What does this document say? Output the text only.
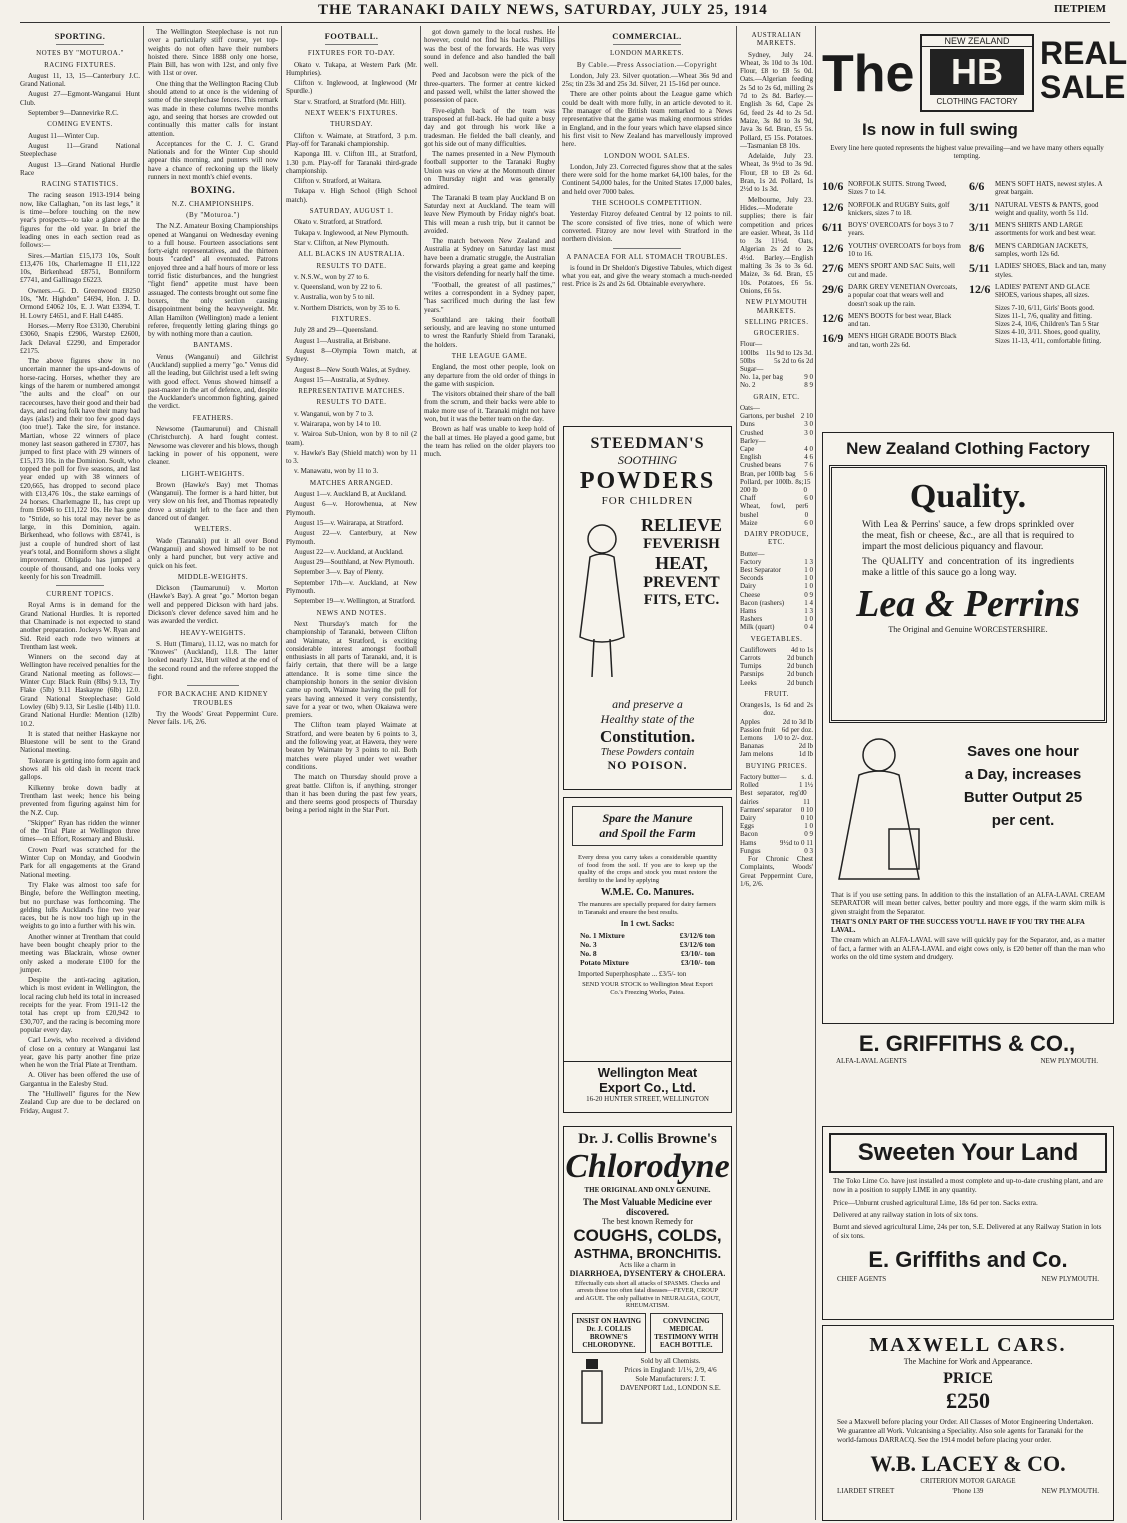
THE TARANAKI DAILY NEWS, SATURDAY, JULY 25, 1914	ПЕТРІЕМ
SPORTING.
NOTES BY "MOTUROA."
RACING FIXTURES.

August 11, 13, 15—Canterbury J.C. Grand National.

August 27—Egmont-Wanganui Hunt Club.

September 9—Dannevirke R.C.

COMING EVENTS.

August 11—Winter Cup.

August 11—Grand National Steeplechase

August 13—Grand National Hurdle Race

RACING STATISTICS.

The racing season 1913-1914 being now, like Callaghan, "on its last legs," it is time—before touching on the new year's prospects—to take a glance at the figures for the old year. In brief the leading ones in each section read as follows:—

Sires.—Martian £15,173 10s, Soult £13,476 10s, Charlemagne II £11,122 10s, Birkenhead £8751, Bonniform £7741, and Gallinago £6223.

Owners.—G. D. Greenwood £8250 10s, "Mr. Highden" £4694, Hon. J. D. Ormond £4062 10s, E. J. Watt £3394, T. H. Lowry £4651, and F. Hall £4485.

Horses.—Merry Roe £3130, Cherubini £3060, Snapis £2906, Warstep £2600, Jack Delaval £2290, and Emperador £2175.

The above figures show in no uncertain manner the ups-and-downs of horse-racing. Horses, whether they are kings of the harem or numbered amongst "the aults and the cloaf" on our racecourses, have their good and their bad days, and racing folk have their many bad days (alas!) and their too few good days (too true!). Take the sire, for instance. Martian, whose 22 winners of place money last season gathered in £7307, has jumped to first place with 29 winners of £15,173 10s. in the Dominion. Soult, who topped the poll for five seasons, and last year ended up with 38 winners of £20,665, has dropped to second place with £13,476 10s., the stake earnings of 24 horses. Charlemagne II., has crept up from £6046 to £11,122 10s. He has gone to "Stride, so his total may never be as large, in this Dominion, again. Birkenhead, who follows with £8741, is just a couple of hundred short of last year's total, and Bonniform shows a slight improvement. Obligado has jumped a couple of thousand, and one looks very keenly for his son Treadmill.

CURRENT TOPICS.

Royal Arms is in demand for the Grand National Hurdles. It is reported that Chaminade is not expected to stand another preparation. Jockeys W. Ryan and Sid. Reid each rode two winners at Trentham last week.

Winners on the second day at Wellington have received penalties for the Grand National meeting as follows:—Winter Cup: Black Ruin (8lbs) 9.13, Try Flake (5lb) 9.11 Haskayne (6lb) 12.0. Grand National Steeplechase: Gold Lowley (6lb) 9.13, Sir Leslie (14lb) 11.0. Grand National Hurdle: Mention (12lb) 10.2.

It is stated that neither Haskayne nor Bluestone will be sent to the Grand National meeting.

Tokorare is getting into form again and shows all his old dash in recent track gallops.

Kilkenny broke down badly at Trentham last week; hence his being prevented from figuring against him for the N.Z. Cup.

"Skipper" Ryan has ridden the winner of the Trial Plate at Wellington three times—on Effort, Rosemary and Bluski.

Crown Pearl was scratched for the Winter Cup on Monday, and Goodwin Park for all engagements at the Grand National meeting.

Try Flake was almost too safe for Bingle, before the Wellington meeting, but no purchase was forthcoming. The gelding lulls Auckland's fine two year races, but he is now too high up in the weights to go into a further with his win.

Another winner at Trentham that could have been bought cheaply prior to the meeting was Blackrain, whose owner only asked a moderate £100 for the jumper.

Despite the anti-racing agitation, which is most evident in Wellington, the local racing club held its total in increased receipts for the year. From 1911-12 the total has crept up from £20,942 to £30,707, and the racing is becoming more popular every day.

Carl Lewis, who received a dividend of close on a century at Wanganui last year, gave his party another fine prize when he won the Trial Plate at Trentham.

A. Oliver has been offered the use of Gargantua in the Ealesby Stud.

The "Hulliwell" figures for the New Zealand Cup are due to be declared on Friday, August 7.

The Wellington Steeplechase is not run over a particularly stiff course, yet top-weights do not often have their numbers hoisted there. Since 1888 only one horse, Plain Bill, has won with 12st, and only five with 11st or over.

One thing that the Wellington Racing Club should attend to at once is the widening of some of the steeplechase fences. This remark was made in these columns twelve months ago, and seeing that horses are crowded out continually this matter calls for instant attention.

Acceptances for the C. J. C. Grand Nationals and for the Winter Cup should appear this morning, and punters will now have a chance of reckoning up the likely runners in next month's chief events.

BOXING.
N.Z. CHAMPIONSHIPS.
(By "Moturoa.")

The N.Z. Amateur Boxing Championships opened at Wanganui on Wednesday evening to a full house. Fourteen associations sent forty-eight representatives, and the thirteen bouts "carded" all eventuated. Patrons enjoyed three and a half hours of more or less torrid fistic disturbances, and the hungriest "fight fiend" appetite must have been assuaged. The contests brought out some fine boxers, the only section causing disappointment being the heavyweight. Mr. Allan Hamilton (Wellington) made a lenient referee, frequently letting glaring things go by with nothing more than a caution.

BANTAMS.

Venus (Wanganui) and Gilchrist (Auckland) supplied a merry "go." Venus did all the leading, but Gilchrist used a left swing with good effect. Venus showed himself a past-master in the art of defence, and, despite the Aucklander's uncommon fighting, gained the verdict.

FEATHERS.

Newsome (Taumarunui) and Chisnall (Christchurch). A hard fought contest. Newsome was cleverer and his blows, though lacking in power of his opponent, were cleaner.

LIGHT-WEIGHTS.

Brown (Hawke's Bay) met Thomas (Wanganui). The former is a hard hitter, but very slow on his feet, and Thomas repeatedly drove a straight left to the face and then danced out of danger.

WELTERS.

Wade (Taranaki) put it all over Bond (Wanganui) and showed himself to be not only a hard puncher, but very active and quick on his feet.

MIDDLE-WEIGHTS.

Dickson (Taumarunui) v. Morton (Hawke's Bay). A great "go." Morton began well and peppered Dickson with hard jabs. Dickson's clever defence saved him and he was awarded the verdict.

HEAVY-WEIGHTS.

S. Hutt (Timaru), 11.12, was no match for "Knowes" (Auckland), 11.8. The latter looked nearly 12st, Hutt wilted at the end of the second round and the referee stopped the fight.

FOR BACKACHE AND KIDNEY TROUBLES

Try the Woods' Great Peppermint Cure. Never fails. 1/6, 2/6.

FOOTBALL.
FIXTURES FOR TO-DAY.

Okato v. Tukapa, at Western Park (Mr. Humphries).

Clifton v. Inglewood, at Inglewood (Mr Spurdle.)

Star v. Stratford, at Stratford (Mr. Hill).

NEXT WEEK'S FIXTURES.
THURSDAY.

Clifton v. Waimate, at Stratford, 3 p.m. Play-off for Taranaki championship.

Kaponga III. v. Clifton III., at Stratford, 1.30 p.m. Play-off for Taranaki third-grade championship.

Clifton v. Stratford, at Waitara.

Tukapa v. High School (High School match).

SATURDAY, AUGUST 1.

Okato v. Stratford, at Stratford.

Tukapa v. Inglewood, at New Plymouth.

Star v. Clifton, at New Plymouth.

ALL BLACKS IN AUSTRALIA.
RESULTS TO DATE.

v. N.S.W., won by 27 to 6.

v. Queensland, won by 22 to 6.

v. Australia, won by 5 to nil.

v. Northern Districts, won by 35 to 6.

FIXTURES.

July 28 and 29—Queensland.

August 1—Australia, at Brisbane.

August 8—Olympia Town match, at Sydney.

August 8—New South Wales, at Sydney.

August 15—Australia, at Sydney.

REPRESENTATIVE MATCHES.
RESULTS TO DATE.

v. Wanganui, won by 7 to 3.

v. Wairarapa, won by 14 to 10.

v. Wairoa Sub-Union, won by 8 to nil (2 team).

v. Hawke's Bay (Shield match) won by 11 to 3.

v. Manawatu, won by 11 to 3.

MATCHES ARRANGED.

August 1—v. Auckland B, at Auckland.

August 6—v. Horowhenua, at New Plymouth.

August 15—v. Wairarapa, at Stratford.

August 22—v. Canterbury, at New Plymouth.

August 22—v. Auckland, at Auckland.

August 29—Southland, at New Plymouth.

September 3—v. Bay of Plenty.

September 17th—v. Auckland, at New Plymouth.

September 19—v. Wellington, at Stratford.

NEWS AND NOTES.

Next Thursday's match for the championship of Taranaki, between Clifton and Waimate, at Stratford, is exciting considerable interest amongst football enthusiasts in all parts of Taranaki, and, it is fairly certain, that there will be a large attendance. It is some time since the championship honors in the senior division came up north, Waimate having the pull for years having annexed it very consistently, save for a year or two, when Okaiawa were premiers.

The Clifton team played Waimate at Stratford, and were beaten by 6 points to 3, and the following year, at Hawera, they were beaten by Waimate by 3 points to nil. Both matches were played under wet weather conditions.

The match on Thursday should prove a great battle. Clifton is, if anything, stronger than it has been during the past few years, and there seems good prospects of Thursday being a period night in the Star Port.

got down gamely to the local rushes. He however, could not find his backs. Phillips was the best of the forwards. He was very sound in defence and also handled the ball well.

Peed and Jacobson were the pick of the three-quarters. The former at centre kicked and passed well, whilst the latter showed the possession of pace.

Five-eighth back of the team was transposed at full-back. He had quite a busy day and got through his work like a tradesman. He fielded the ball cleanly, and got his side out of many difficulties.

The names presented in a New Plymouth football supporter to the Taranaki Rugby Union was on view at the Monmouth dinner on Thursday night and was generally admired.

The Taranaki B team play Auckland B on Saturday next at Auckland. The team will leave New Plymouth by Friday night's boat. This will mean a rush trip, but it cannot be avoided.

The match between New Zealand and Australia at Sydney on Saturday last must have been a dramatic struggle, the Australian forwards playing a great game and keeping the visitors defending for nearly half the time.

"Football, the greatest of all pastimes," writes a correspondent in a Sydney paper, "has sacrificed much during the last few years."

Southland are taking their football seriously, and are leaving no stone unturned to wrest the Ranfurly Shield from Taranaki, the holders.

THE LEAGUE GAME.

England, the most other people, look on any departure from the old order of things in the game with suspicion.

The visitors obtained their share of the ball from the scrum, and their backs were able to make more use of it. Taranaki might not have won, but it was the better team on the day.

Brown as half was unable to keep hold of the ball at times. He played a good game, but the team has relied on the older players too much.

COMMERCIAL.
LONDON MARKETS.
By Cable.—Press Association.—Copyright

London, July 23. Silver quotation.—Wheat 36s 9d and 25s; tin 23s 3d and 25s 3d. Silver, 21 15-16d per ounce.

There are other points about the League game which could be dealt with more fully, in an article devoted to it. The manager of the British team remarked to a News representative that the game was making enormous strides in England, and in the four years which have elapsed since his first visit to New Zealand has marvellously improved here.

LONDON WOOL SALES.

London, July 23. Corrected figures show that at the sales there were sold for the home market 64,100 bales, for the Continent 54,000 bales, for the United States 17,000 bales, and held over 7000 bales.

THE SCHOOLS COMPETITION.

Yesterday Fitzroy defeated Central by 12 points to nil. The score consisted of five tries, none of which were converted. Fitzroy are now level with Stratford in the northern division.

A PANACEA FOR ALL STOMACH TROUBLES.

is found in Dr Sheldon's Digestive Tabules, which digest what you eat, and give the weary stomach a much-needed rest. Price is 2s and 2s 6d. Obtainable everywhere.

AUSTRALIAN MARKETS.

Sydney, July 24. Wheat, 3s 10d to 3s 10d. Flour, £8 to £8 5s 0d. Oats.—Algerian feeding 2s 5d to 2s 6d, milling 2s 7d to 2s 8d. Barley.—English 3s 6d, Cape 2s 6d, feed 2s 4d to 2s 5d. Maize, 3s 8d to 3s 9d, Java 3s 6d. Bran, £5 5s. Pollard, £5 15s. Potatoes.—Tasmanian £8 10s.

Adelaide, July 23. Wheat, 3s 9½d to 3s 9d. Flour, £8 to £8 2s 6d. Bran, 1s 2d. Pollard, 1s 2½d to 1s 3d.

Melbourne, July 23. Hides.—Moderate supplies; there is fair competition and prices are easier. Wheat, 3s 11d to 3s 11½d. Oats, Algerian 2s 2d to 2s 4½d. Barley.—English malting 3s 3s to 3s 6d. Maize, 3s 6d. Bran, £5 10s. Potatoes, £6 5s. Onions, £6 5s.

NEW PLYMOUTH MARKETS.
SELLING PRICES.
GROCERIES.
Flour—
100lbs 11s 9d to 12s 3d.
50lbs	5s 2d to 6s 2d
Sugar—
No. 1a, per bag	9 0
No. 2	8 9
GRAIN, ETC.
Oats—
Gartons, per bushel 2 10
Duns	3 0
Crushed	3 0
Barley—
Cape	4 0
English	4 6
Crushed beans	7 6
Bran, per 100lb bag 5 6
Pollard, per 100lb. 8s; 200 lb
15 0
Chaff	6 0
Wheat, fowl, per bushel
6 0
Maize	6 0
DAIRY PRODUCE, ETC.
Butter—
Factory	1 3
Best Separator	1 0
Seconds	1 0
Dairy	1 0
Cheese	0 9
Bacon (rashers)	1 4
Hams	1 3
Rashers	1 0
Milk (quart)	0 4
VEGETABLES.
Cauliflowers 4d to 1s
Carrots	2d bunch
Turnips	2d bunch
Parsnips	2d bunch
Leeks	2d bunch
FRUIT.
Oranges 1s, 1s 6d and 2s doz.
Apples	2d to 3d lb
Passion fruit 6d per doz.
Lemons 1/0 to 2/- doz.
Bananas	2d lb
Jam melons	1d lb
BUYING PRICES.
Factory butter— s. d.
Rolled	1 1½
Best separator, reg'd dairies
0 11
Farmers' separator 0 10
Dairy	0 10
Eggs	1 0
Bacon	0 9
Hams	9½d to 0 11
Fungus	0 3

For Chronic Chest Complaints, Woods' Great Peppermint Cure, 1/6, 2/6.

STEEDMAN'S
SOOTHING
POWDERS
FOR CHILDREN
RELIEVE
FEVERISH
HEAT,
PREVENT
FITS, ETC.
and preserve a
Healthy state of the
Constitution.
These Powders contain
NO POISON.
Spare the Manure
and Spoil the Farm
Every dress you carry takes a considerable quantity of food from the soil. If you are to keep up the quality of the crops and stock you must restore the fertility to the land by applying
W.M.E. Co. Manures.
The manures are specially prepared for dairy farmers in Taranaki and ensure the best results.
In 1 cwt. Sacks:
No. 1 Mixture	£3/12/6 ton
No. 3	£3/12/6 ton
No. 8	£3/10/- ton
Potato Mixture	£3/10/- ton
Imported Superphosphate ... £3/5/- ton
SEND YOUR STOCK to Wellington Meat Export Co.'s Freezing Works, Patea.
Wellington Meat
Export Co., Ltd.
16-20 HUNTER STREET, WELLINGTON
Dr. J. Collis Browne's
Chlorodyne
THE ORIGINAL AND ONLY GENUINE.
The Most Valuable Medicine ever discovered.
The best known Remedy for
COUGHS, COLDS,
ASTHMA, BRONCHITIS.
Acts like a charm in
DIARRHOEA, DYSENTERY & CHOLERA.
Effectually cuts short all attacks of SPASMS. Checks and arrests those too often fatal diseases—FEVER, CROUP and AGUE. The only palliative in NEURALGIA, GOUT, RHEUMATISM.
INSIST ON HAVING Dr. J. COLLIS BROWNE'S CHLORODYNE.
CONVINCING MEDICAL TESTIMONY WITH EACH BOTTLE.
Sold by all Chemists.
Prices in England: 1/1½, 2/9, 4/6
Sole Manufacturers: J. T. DAVENPORT Ltd., LONDON S.E.
The
NEW ZEALAND
HB
CLOTHING FACTORY
REAL
SALE
Is now in full swing
Every line here quoted represents the highest value prevailing—and we have many others equally tempting.
10/6 NORFOLK SUITS. Strong Tweed, Sizes 7 to 14.
12/6 NORFOLK and RUGBY Suits, golf knickers, sizes 7 to 18.
6/11 BOYS' OVERCOATS for boys 3 to 7 years.
12/6 YOUTHS' OVERCOATS for boys from 10 to 16.
27/6 MEN'S SPORT AND SAC Suits, well cut and made.
29/6 DARK GREY VENETIAN Overcoats, a popular coat that wears well and doesn't soak up the rain.
12/6 MEN'S BOOTS for best wear, Black and tan.
16/9 MEN'S HIGH GRADE BOOTS Black and tan, worth 22s 6d.
6/6	MEN'S SOFT HATS, newest styles. A great bargain.
3/11 NATURAL VESTS & PANTS, good weight and quality, worth 5s 11d.
3/11 MEN'S SHIRTS AND LARGE assortments for work and best wear.
8/6	MEN'S CARDIGAN JACKETS, samples, worth 12s 6d.
5/11 LADIES' SHOES, Black and tan, many styles.
12/6 LADIES' PATENT AND GLACE SHOES, various shapes, all sizes.
Sizes 7-10, 6/11, Girls' Boots good. Sizes 11-1, 7/6, quality and fitting. Sizes 2-4, 10/6, Children's Tan 5 Star Sizes 4-10, 3/11. Shoes, good quality, Sizes 11-13, 4/11, comfortable fitting.
New Zealand Clothing Factory
Quality.
With Lea & Perrins' sauce, a few drops sprinkled over the meat, fish or cheese, &c., are all that is required to impart the most delicious piquancy and flavour.
The QUALITY and concentration of its ingredients make a little of this sauce go a long way.
Lea & Perrins
The Original and Genuine WORCESTERSHIRE.
Saves one hour
a Day, increases
Butter Output 25
per cent.
That is if you use setting pans. In addition to this the installation of an ALFA-LAVAL CREAM SEPARATOR will mean better calves, better poultry and more eggs, if the warm skim milk is given straight from the Separator.
THAT'S ONLY PART OF THE SUCCESS YOU'LL HAVE IF YOU TRY THE ALFA LAVAL.
The cream which an ALFA-LAVAL will save will quickly pay for the Separator, and, as a matter of fact, a farmer with an ALFA-LAVAL and eight cows only, is £20 better off than the man who works on the old time system and drudgery.
E. GRIFFITHS & CO.,
ALFA-LAVAL AGENTS	NEW PLYMOUTH.
Sweeten Your Land
The Toko Lime Co. have just installed a most complete and up-to-date crushing plant, and are now in a position to supply LIME in any quantity.
Price—Unburnt crushed agricultural Lime, 18s 6d per ton. Sacks extra.
Delivered at any railway station in lots of six tons.
Burnt and sieved agricultural Lime, 24s per ton, S.E. Delivered at any Railway Station in lots of six tons.
E. Griffiths and Co.
CHIEF AGENTS	NEW PLYMOUTH.
MAXWELL CARS.
The Machine for Work and Appearance.
PRICE
£250
See a Maxwell before placing your Order. All Classes of Motor Engineering Undertaken. We guarantee all Work. Vulcanising a Speciality. Also sole agents for Taranaki for the world-famous DARRACQ. See the 1914 model before placing your order.
W.B. LACEY & CO.
CRITERION MOTOR GARAGE
LIARDET STREET	'Phone 139	NEW PLYMOUTH.
